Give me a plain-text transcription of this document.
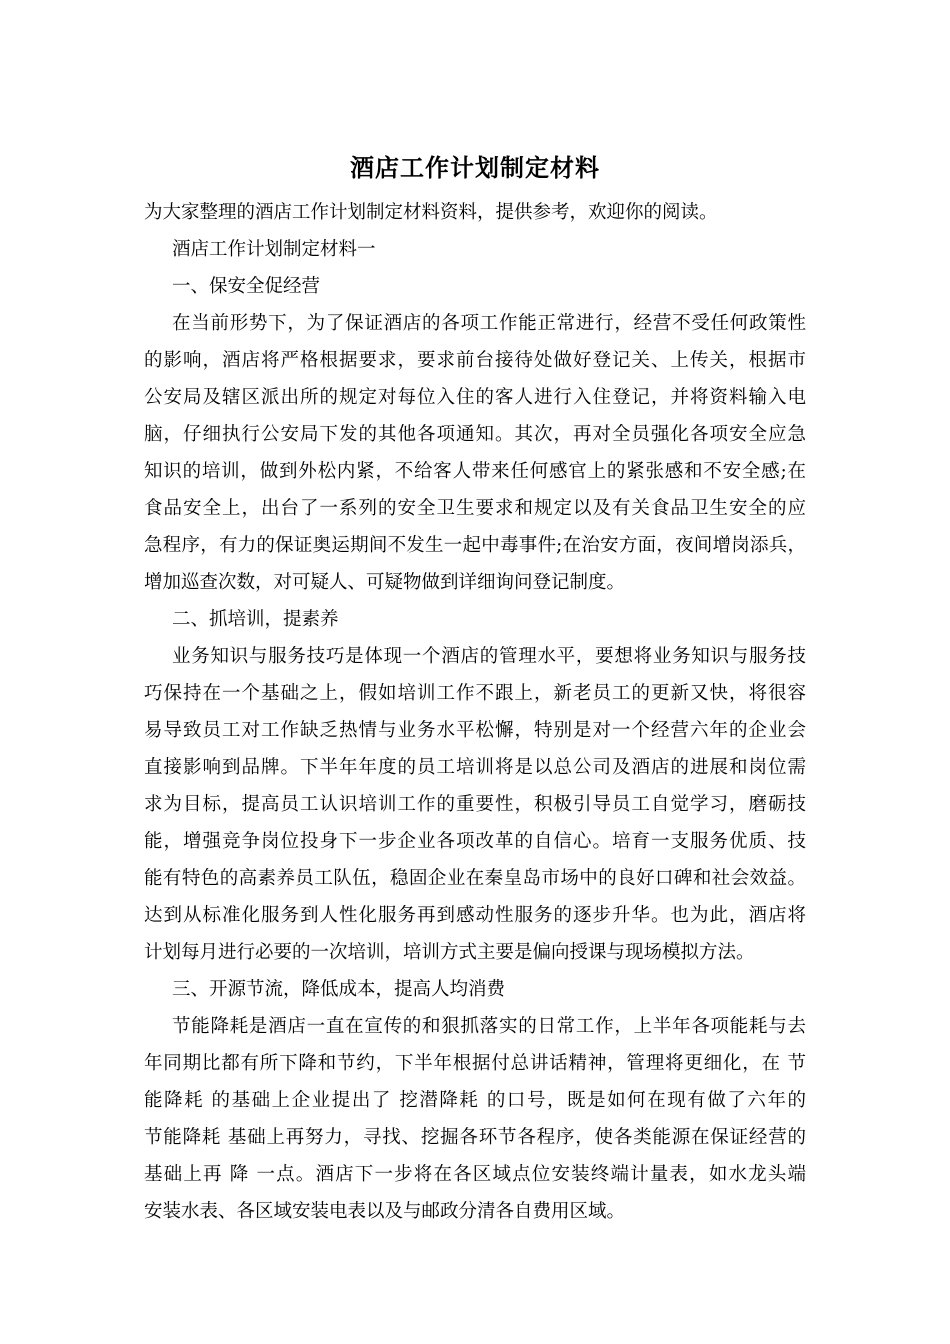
酒店工作计划制定材料
为大家整理的酒店工作计划制定材料资料，提供参考，欢迎你的阅读。
酒店工作计划制定材料一
一、保安全促经营
在当前形势下，为了保证酒店的各项工作能正常进行，经营不受任何政策性
的影响，酒店将严格根据要求，要求前台接待处做好登记关、上传关，根据市
公安局及辖区派出所的规定对每位入住的客人进行入住登记，并将资料输入电
脑，仔细执行公安局下发的其他各项通知。其次，再对全员强化各项安全应急
知识的培训，做到外松内紧，不给客人带来任何感官上的紧张感和不安全感;在
食品安全上，出台了一系列的安全卫生要求和规定以及有关食品卫生安全的应
急程序，有力的保证奥运期间不发生一起中毒事件;在治安方面，夜间增岗添兵，
增加巡查次数，对可疑人、可疑物做到详细询问登记制度。
二、抓培训，提素养
业务知识与服务技巧是体现一个酒店的管理水平，要想将业务知识与服务技
巧保持在一个基础之上，假如培训工作不跟上，新老员工的更新又快，将很容
易导致员工对工作缺乏热情与业务水平松懈，特别是对一个经营六年的企业会
直接影响到品牌。下半年年度的员工培训将是以总公司及酒店的进展和岗位需
求为目标，提高员工认识培训工作的重要性，积极引导员工自觉学习，磨砺技
能，增强竞争岗位投身下一步企业各项改革的自信心。培育一支服务优质、技
能有特色的高素养员工队伍，稳固企业在秦皇岛市场中的良好口碑和社会效益。
达到从标准化服务到人性化服务再到感动性服务的逐步升华。也为此，酒店将
计划每月进行必要的一次培训，培训方式主要是偏向授课与现场模拟方法。
三、开源节流，降低成本，提高人均消费
节能降耗是酒店一直在宣传的和狠抓落实的日常工作，上半年各项能耗与去
年同期比都有所下降和节约，下半年根据付总讲话精神，管理将更细化，在 节
能降耗 的基础上企业提出了 挖潜降耗 的口号，既是如何在现有做了六年的
节能降耗 基础上再努力，寻找、挖掘各环节各程序，使各类能源在保证经营的
基础上再 降 一点。酒店下一步将在各区域点位安装终端计量表，如水龙头端
安装水表、各区域安装电表以及与邮政分清各自费用区域。
